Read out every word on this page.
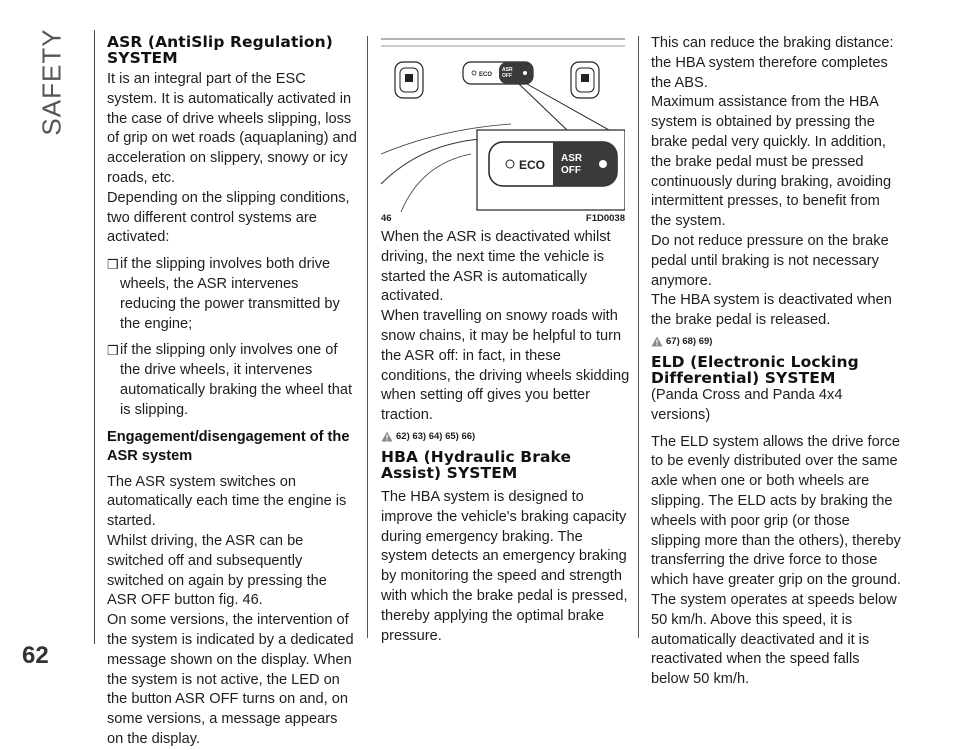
SAFETY
62
ASR (AntiSlip Regulation) SYSTEM

It is an integral part of the ESC system. It is automatically activated in the case of drive wheels slipping, loss of grip on wet roads (aquaplaning) and acceleration on slippery, snowy or icy roads, etc.

Depending on the slipping conditions, two different control systems are activated:

❒ if the slipping involves both drive wheels, the ASR intervenes reducing the power transmitted by the engine;
❒ if the slipping only involves one of the drive wheels, it intervenes automatically braking the wheel that is slipping.
Engagement/disengagement of the ASR system

The ASR system switches on automatically each time the engine is started.

Whilst driving, the ASR can be switched off and subsequently switched on again by pressing the ASR OFF button fig. 46.

On some versions, the intervention of the system is indicated by a dedicated message shown on the display. When the system is not active, the LED on the button ASR OFF turns on and, on some versions, a message appears on the display.

ECO
ASR
OFF
ECO ASR
OFF
46	F1D0038

When the ASR is deactivated whilst driving, the next time the vehicle is started the ASR is automatically activated.

When travelling on snowy roads with snow chains, it may be helpful to turn the ASR off: in fact, in these conditions, the driving wheels skidding when setting off gives you better traction.

62) 63) 64) 65) 66)
HBA (Hydraulic Brake Assist) SYSTEM

The HBA system is designed to improve the vehicle's braking capacity during emergency braking. The system detects an emergency braking by monitoring the speed and strength with which the brake pedal is pressed, thereby applying the optimal brake pressure.

This can reduce the braking distance: the HBA system therefore completes the ABS.

Maximum assistance from the HBA system is obtained by pressing the brake pedal very quickly. In addition, the brake pedal must be pressed continuously during braking, avoiding intermittent presses, to benefit from the system.

Do not reduce pressure on the brake pedal until braking is not necessary anymore.

The HBA system is deactivated when the brake pedal is released.

67) 68) 69)
ELD (Electronic Locking Differential) SYSTEM

(Panda Cross and Panda 4x4 versions)

The ELD system allows the drive force to be evenly distributed over the same axle when one or both wheels are slipping. The ELD acts by braking the wheels with poor grip (or those slipping more than the others), thereby transferring the drive force to those which have greater grip on the ground. The system operates at speeds below 50 km/h. Above this speed, it is automatically deactivated and it is reactivated when the speed falls below 50 km/h.
